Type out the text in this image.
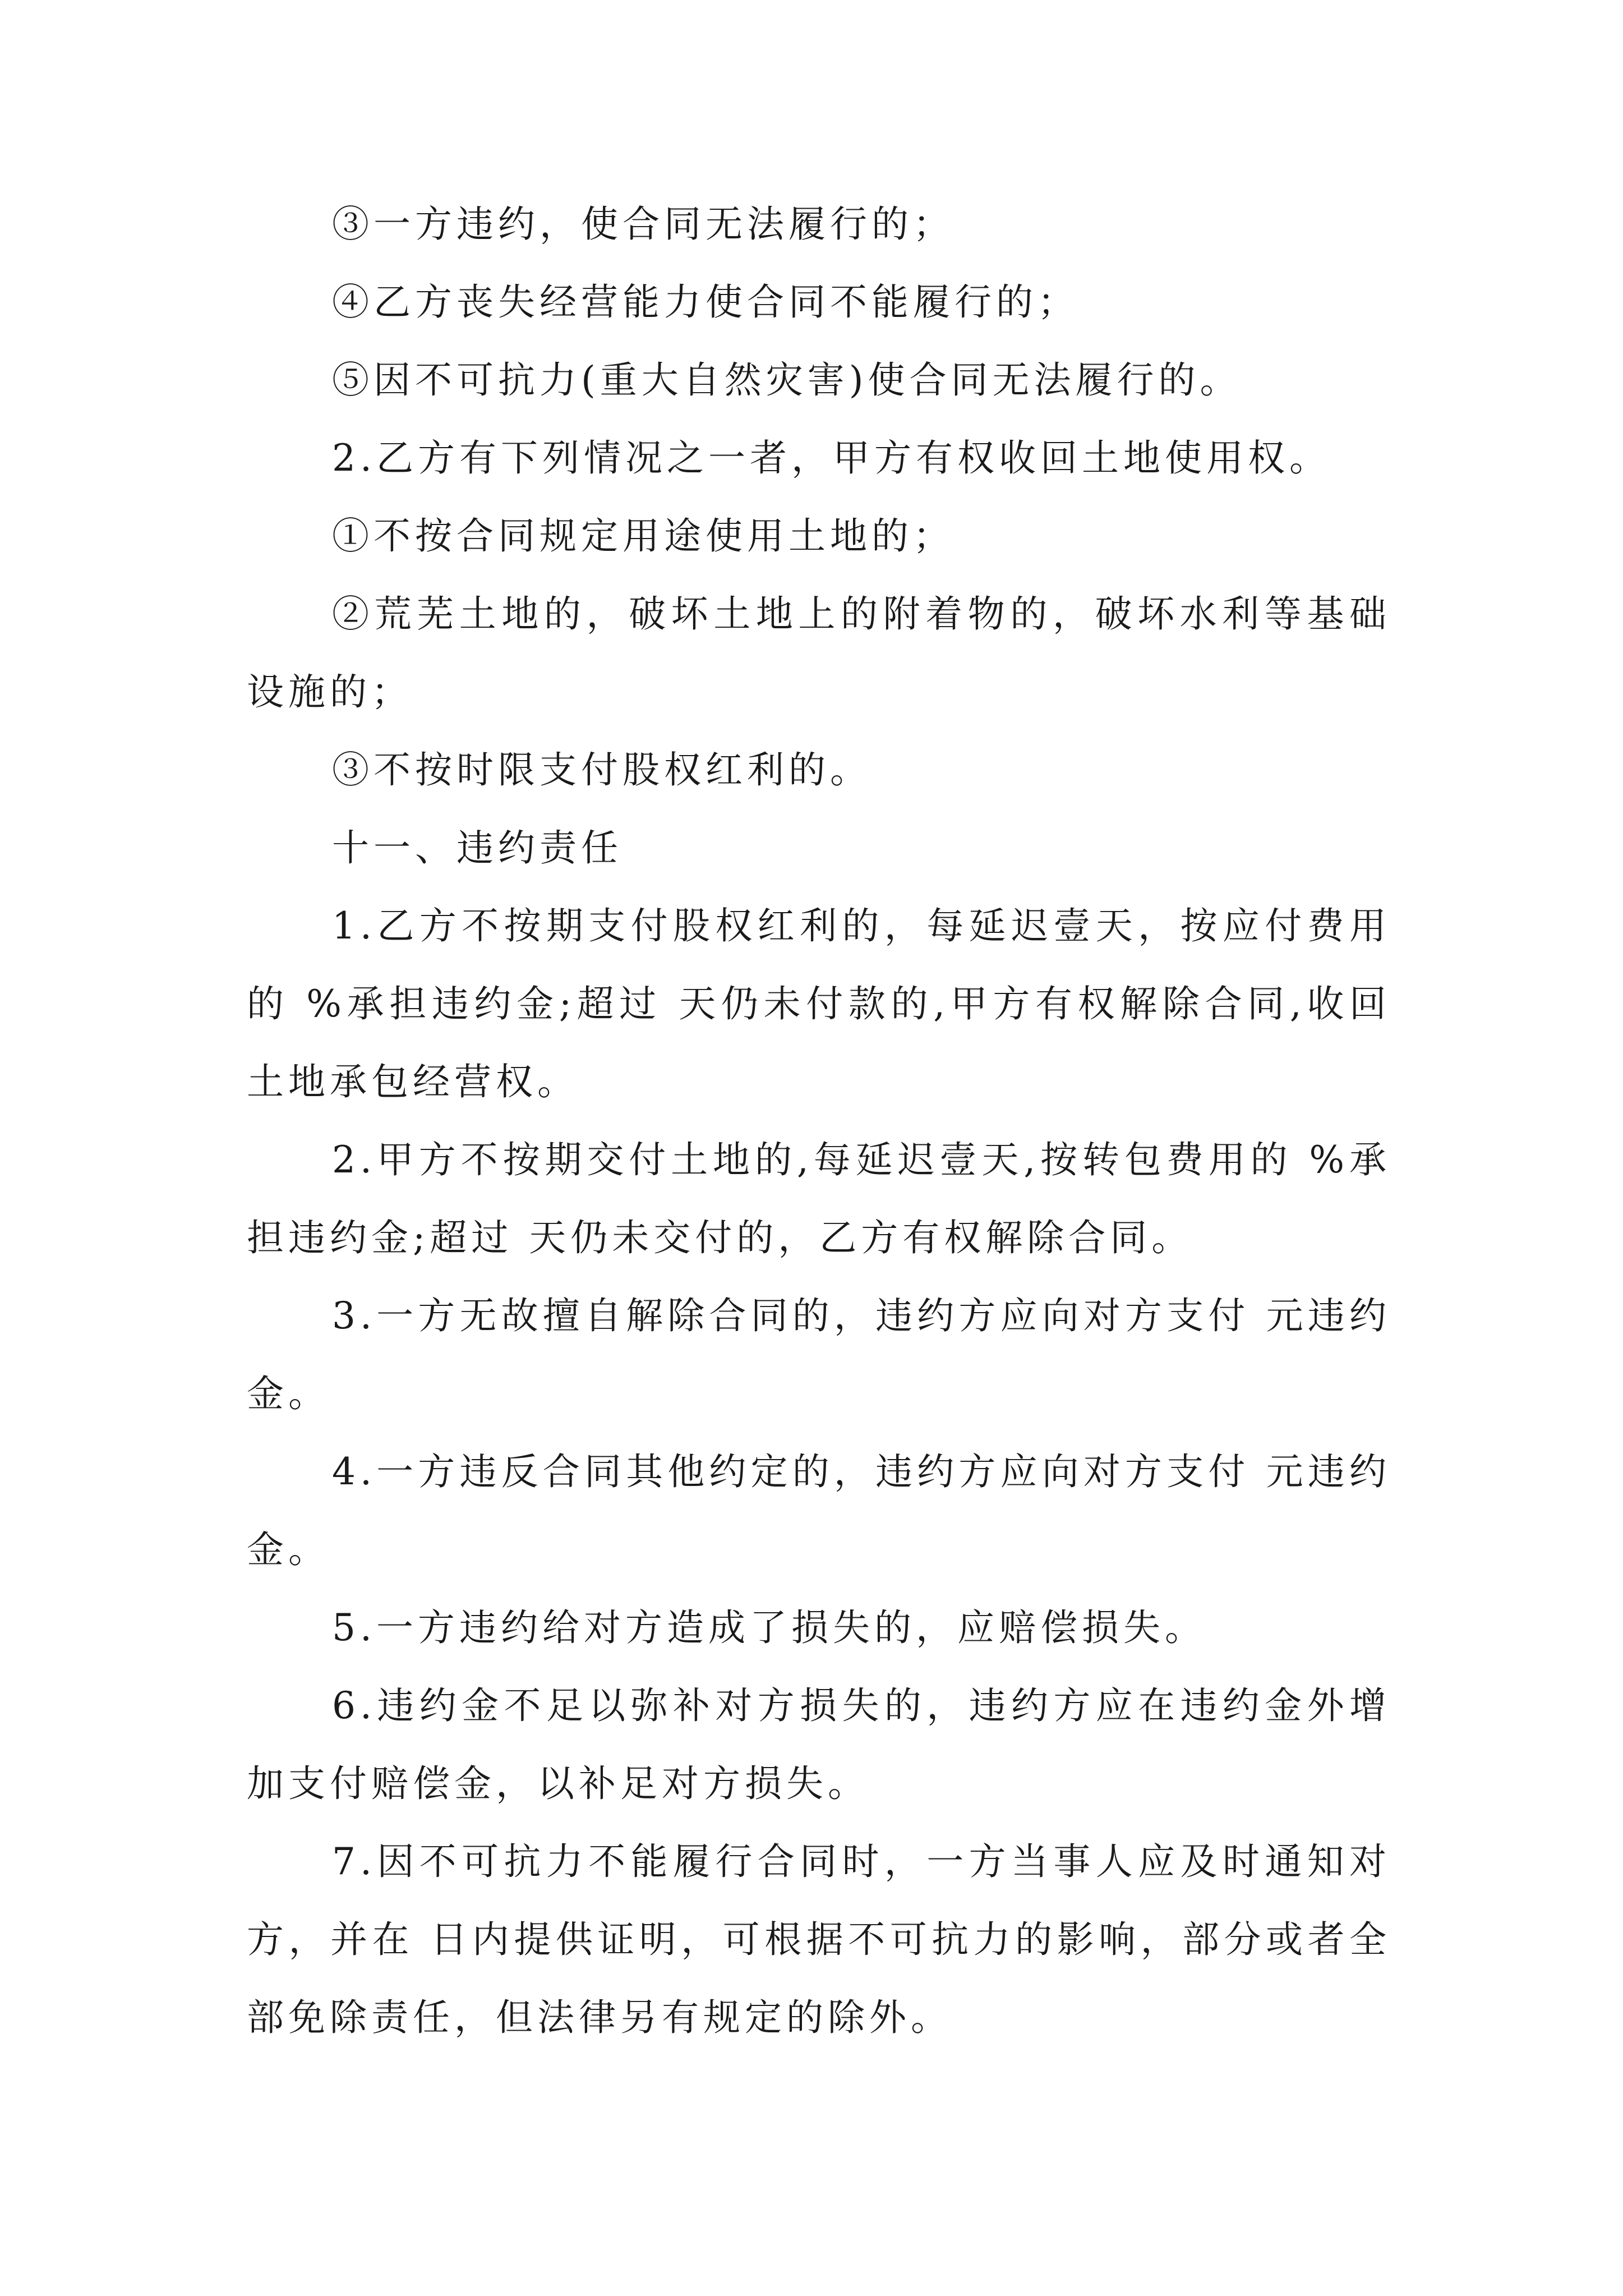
③一方违约，使合同无法履行的；

④乙方丧失经营能力使合同不能履行的；

⑤因不可抗力(重大自然灾害)使合同无法履行的。

2.乙方有下列情况之一者，甲方有权收回土地使用权。

①不按合同规定用途使用土地的；

②荒芜土地的，破坏土地上的附着物的，破坏水利等基础设施的；

③不按时限支付股权红利的。

十一、违约责任

1.乙方不按期支付股权红利的，每延迟壹天，按应付费用的 %承担违约金;超过 天仍未付款的,甲方有权解除合同,收回土地承包经营权。

2.甲方不按期交付土地的,每延迟壹天,按转包费用的 %承担违约金;超过 天仍未交付的，乙方有权解除合同。

3.一方无故擅自解除合同的，违约方应向对方支付 元违约金。

4.一方违反合同其他约定的，违约方应向对方支付 元违约金。

5.一方违约给对方造成了损失的，应赔偿损失。

6.违约金不足以弥补对方损失的，违约方应在违约金外增加支付赔偿金，以补足对方损失。

7.因不可抗力不能履行合同时，一方当事人应及时通知对方，并在 日内提供证明，可根据不可抗力的影响，部分或者全部免除责任，但法律另有规定的除外。
